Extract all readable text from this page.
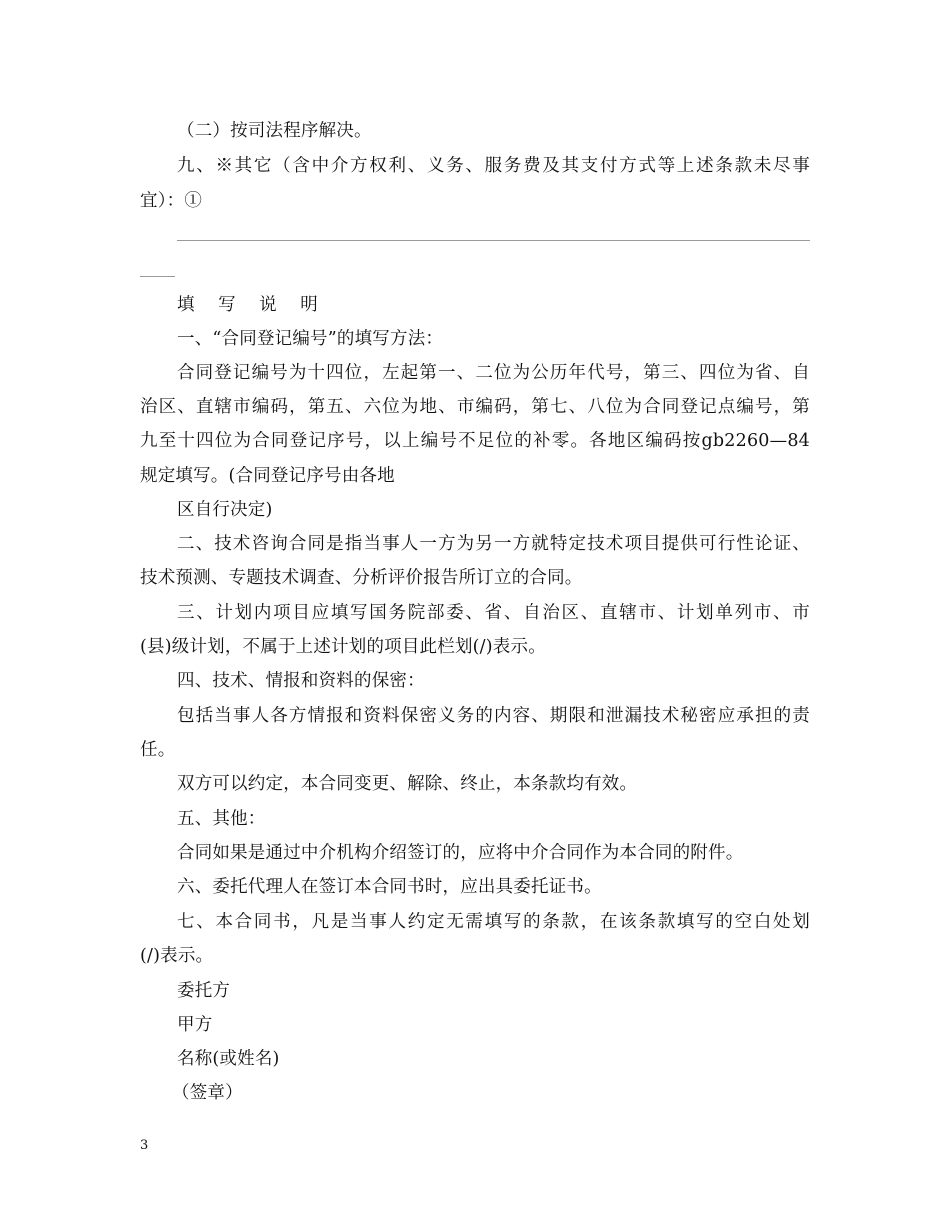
（二）按司法程序解决。
九、※其它（含中介方权利、义务、服务费及其支付方式等上述条款未尽事
宜）：①
填 写 说 明
一、“合同登记编号”的填写方法：
合同登记编号为十四位，左起第一、二位为公历年代号，第三、四位为省、自
治区、直辖市编码，第五、六位为地、市编码，第七、八位为合同登记点编号，第
九至十四位为合同登记序号，以上编号不足位的补零。各地区编码按gb2260—84
规定填写。(合同登记序号由各地
区自行决定)
二、技术咨询合同是指当事人一方为另一方就特定技术项目提供可行性论证、
技术预测、专题技术调查、分析评价报告所订立的合同。
三、计划内项目应填写国务院部委、省、自治区、直辖市、计划单列市、市
(县)级计划，不属于上述计划的项目此栏划(/)表示。
四、技术、情报和资料的保密：
包括当事人各方情报和资料保密义务的内容、期限和泄漏技术秘密应承担的责
任。
双方可以约定，本合同变更、解除、终止，本条款均有效。
五、其他：
合同如果是通过中介机构介绍签订的，应将中介合同作为本合同的附件。
六、委托代理人在签订本合同书时，应出具委托证书。
七、本合同书，凡是当事人约定无需填写的条款，在该条款填写的空白处划
(/)表示。
委托方
甲方
名称(或姓名)
（签章）
3
